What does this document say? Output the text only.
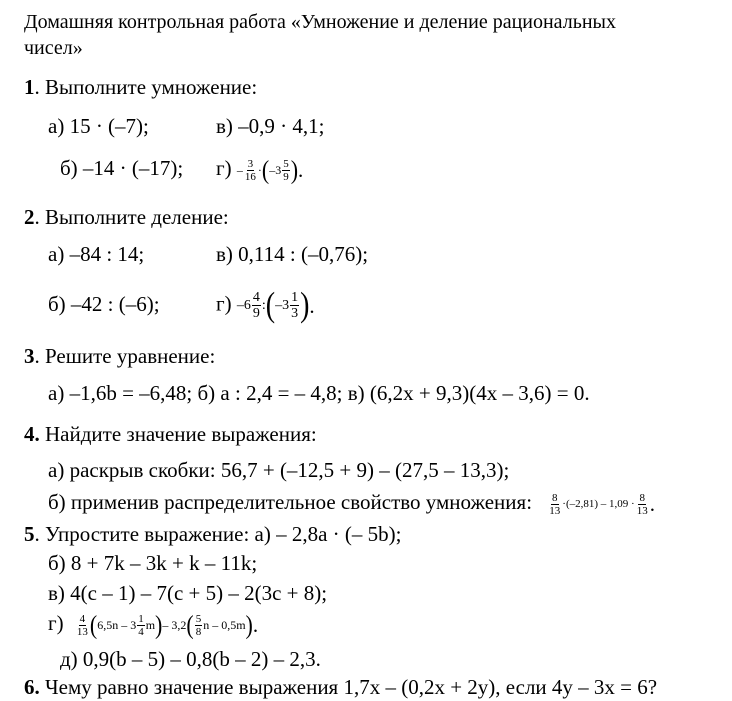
Домашняя контрольная работа «Умножение и деление рациональных
чисел»
1. Выполните умножение:
а) 15 · (–7);	в) –0,9 · 4,1;
б) –14 · (–17); $г) - \frac{3}{16}$ · ( $-3 \frac{5}{9}$ ) .
2. Выполните деление:
а) –84 : 14;	в) 0,114 : (–0,76);
б) –42 : (–6);	г) $-6 \frac{4}{9}$ : ( $-3 \frac{1}{3}$ ) .
3. Решите уравнение:
а) –1,6b = –6,48; б) a : 2,4 = – 4,8; в) (6,2x + 9,3)(4x – 3,6) = 0.
4. Найдите значение выражения:
а) раскрыв скобки: 56,7 + (–12,5 + 9) – (27,5 – 13,3);
б) применив распределительное свойство умножения: $\frac{8}{13} \cdot(-2,81) - 1,09 \cdot \frac{8}{13}$ .
5. Упростите выражение: а) – 2,8a · (– 5b);
б) 8 + 7k – 3k + k – 11k;
в) 4(c – 1) – 7(c + 5) – 2(3c + 8);
$г) \frac{4}{13}$ ( $6,5n - 3 \frac{1}{4}$ m ) – 3,2 ( $\frac{5}{8}$ n – 0,5m ) .
д) 0,9(b – 5) – 0,8(b – 2) – 2,3.
6. Чему равно значение выражения 1,7x – (0,2x + 2y), если 4y – 3x = 6?
